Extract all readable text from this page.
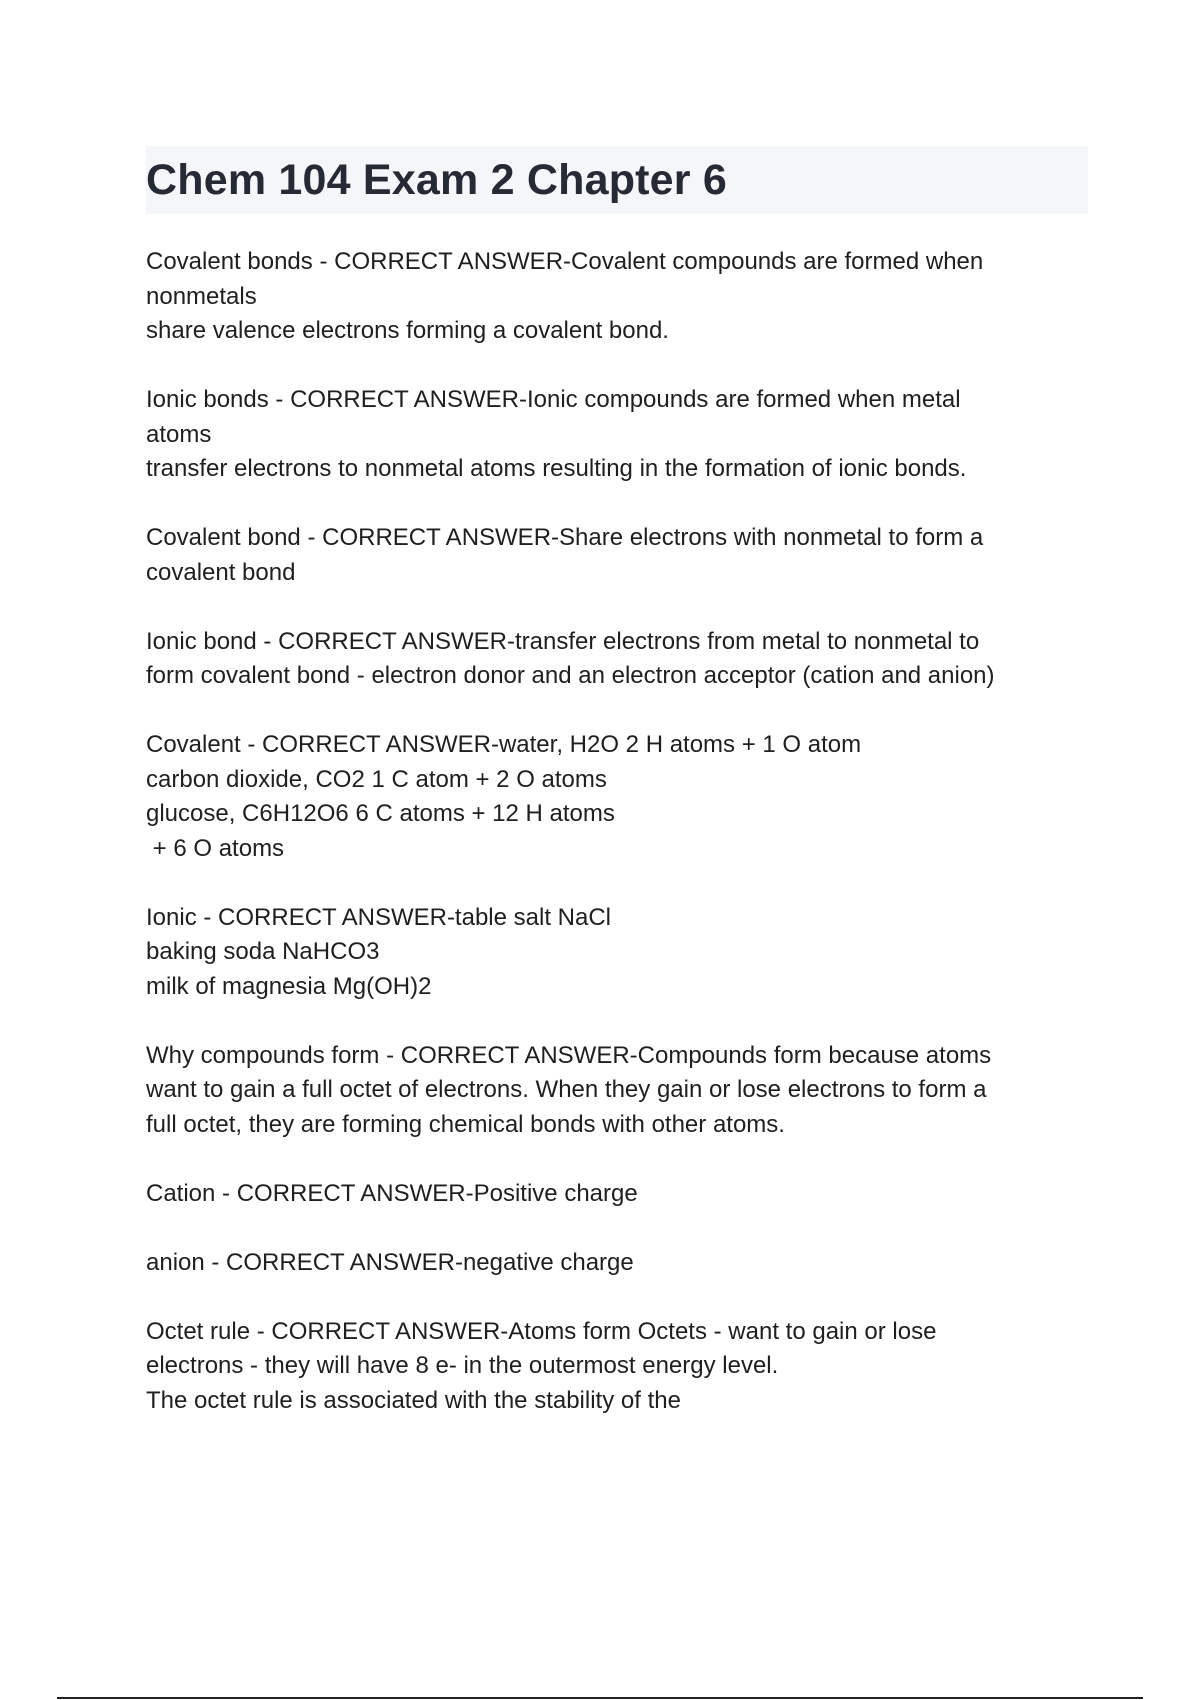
Chem 104 Exam 2 Chapter 6

Covalent bonds - CORRECT ANSWER-Covalent compounds are formed when
nonmetals
share valence electrons forming a covalent bond.

Ionic bonds - CORRECT ANSWER-Ionic compounds are formed when metal
atoms
transfer electrons to nonmetal atoms resulting in the formation of ionic bonds.

Covalent bond - CORRECT ANSWER-Share electrons with nonmetal to form a
covalent bond

Ionic bond - CORRECT ANSWER-transfer electrons from metal to nonmetal to
form covalent bond - electron donor and an electron acceptor (cation and anion)

Covalent - CORRECT ANSWER-water, H2O 2 H atoms + 1 O atom
carbon dioxide, CO2 1 C atom + 2 O atoms
glucose, C6H12O6 6 C atoms + 12 H atoms
+ 6 O atoms

Ionic - CORRECT ANSWER-table salt NaCl
baking soda NaHCO3
milk of magnesia Mg(OH)2

Why compounds form - CORRECT ANSWER-Compounds form because atoms
want to gain a full octet of electrons. When they gain or lose electrons to form a
full octet, they are forming chemical bonds with other atoms.

Cation - CORRECT ANSWER-Positive charge

anion - CORRECT ANSWER-negative charge

Octet rule - CORRECT ANSWER-Atoms form Octets - want to gain or lose
electrons - they will have 8 e- in the outermost energy level.
The octet rule is associated with the stability of the
